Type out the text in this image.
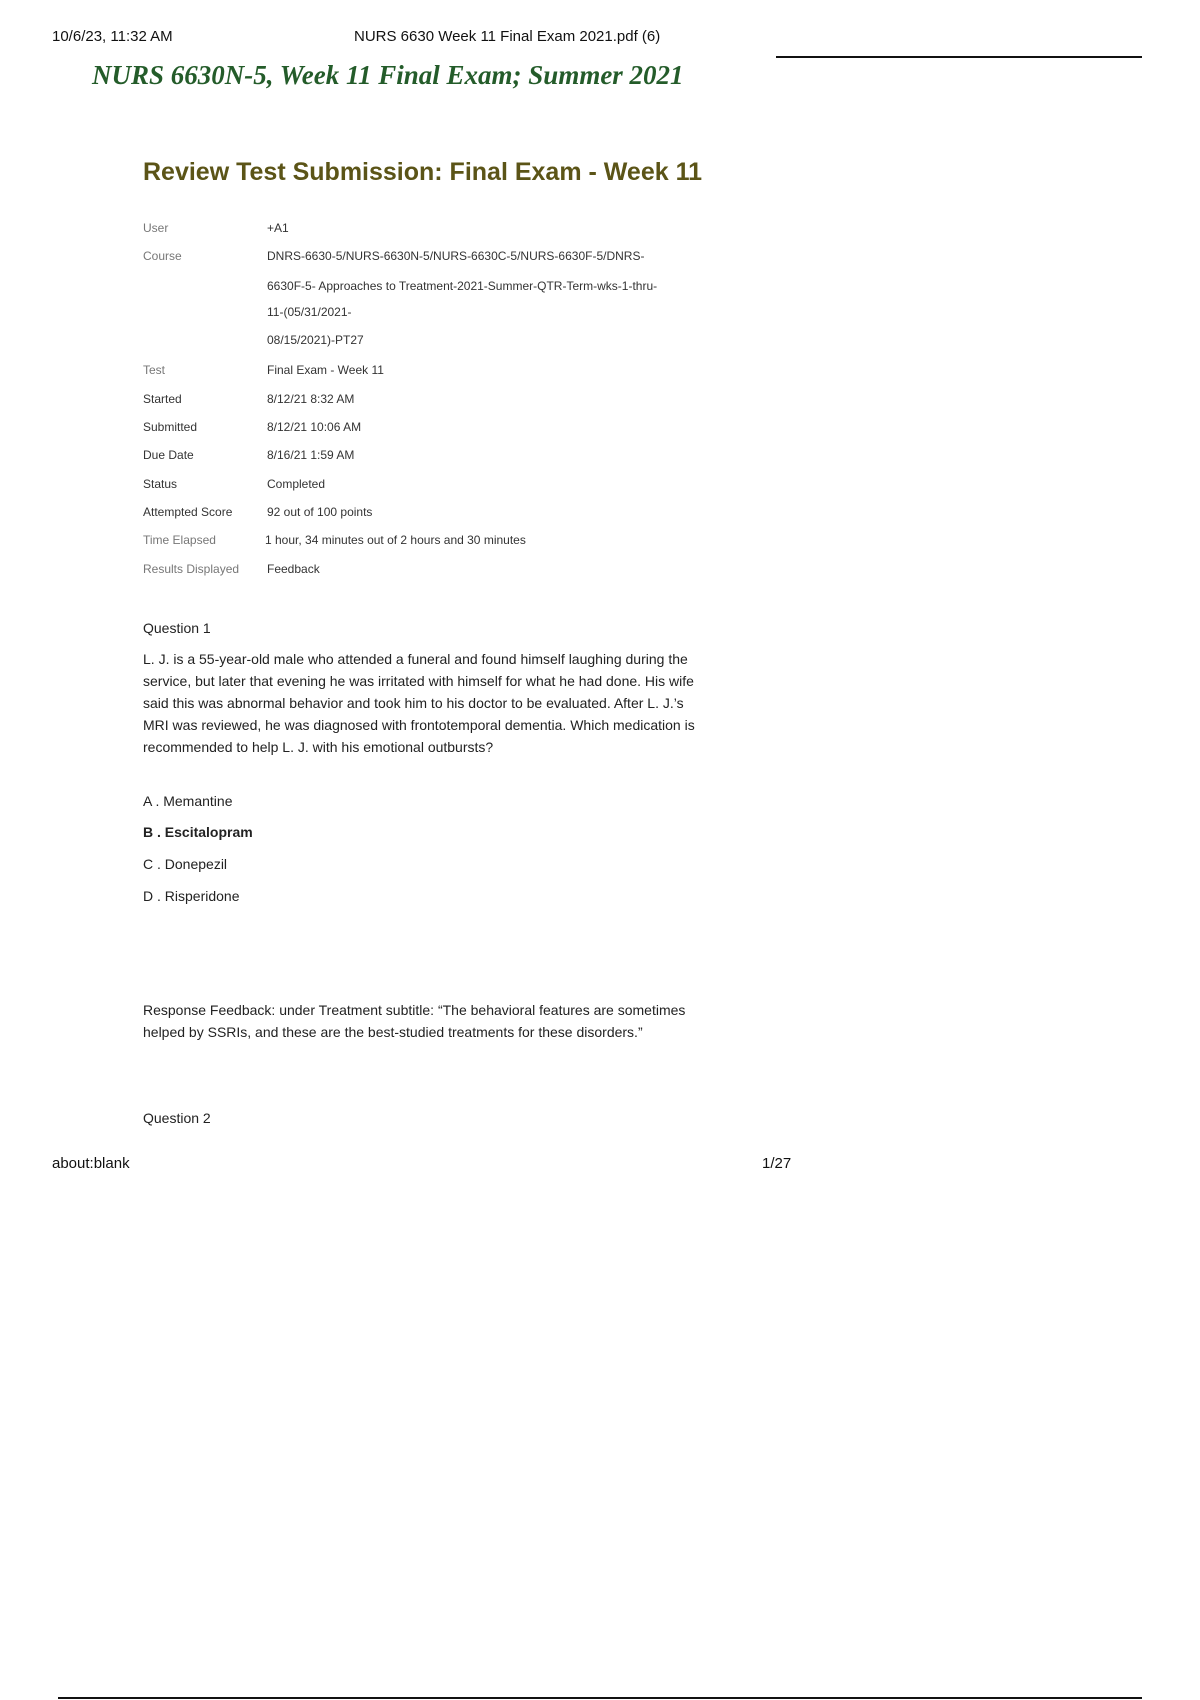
10/6/23, 11:32 AM	NURS 6630 Week 11 Final Exam 2021.pdf (6)
NURS 6630N-5, Week 11 Final Exam; Summer 2021
Review Test Submission: Final Exam - Week 11
User	+A1
Course	DNRS-6630-5/NURS-6630N-5/NURS-6630C-5/NURS-6630F-5/DNRS-
6630F-5- Approaches to Treatment-2021-Summer-QTR-Term-wks-1-thru-
11-(05/31/2021-
08/15/2021)-PT27
Test	Final Exam - Week 11
Started	8/12/21 8:32 AM
Submitted	8/12/21 10:06 AM
Due Date	8/16/21 1:59 AM
Status	Completed
Attempted Score	92 out of 100 points
Time Elapsed	1 hour, 34 minutes out of 2 hours and 30 minutes
Results Displayed Feedback
Question 1
L. J. is a 55-year-old male who attended a funeral and found himself laughing during the service, but later that evening he was irritated with himself for what he had done. His wife said this was abnormal behavior and took him to his doctor to be evaluated. After L. J.’s MRI was reviewed, he was diagnosed with frontotemporal dementia. Which medication is recommended to help L. J. with his emotional outbursts?
A . Memantine
B . Escitalopram
C . Donepezil
D . Risperidone
Response Feedback: under Treatment subtitle: “The behavioral features are sometimes helped by SSRIs, and these are the best-studied treatments for these disorders.”
Question 2
about:blank	1/27
